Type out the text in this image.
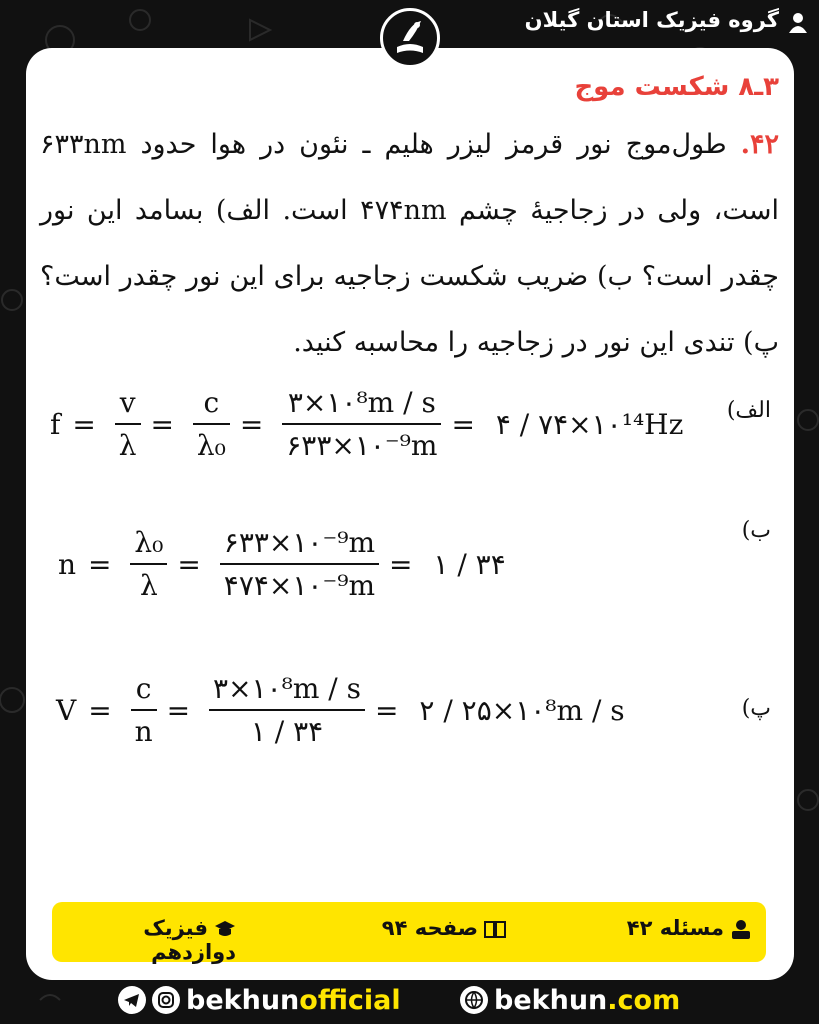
گروه فیزیک استان گیلان
۳ـ۸ شکست موج
۴۲. طول‌موج نور قرمز لیزر هلیم ـ نئون در هوا حدود ۶۳۳nm است، ولی در زجاجیهٔ چشم ۴۷۴nm است. الف) بسامد این نور چقدر است؟ ب) ضریب شکست زجاجیه برای این نور چقدر است؟ پ) تندی این نور در زجاجیه را محاسبه کنید.
الف)
$f = \frac{v}{\lambda} = \frac{c}{\text{λ₀}} = \frac{\text{۳×۱۰⁸m / s}}{\text{۶۳۳×۱۰⁻⁹m}}$ = ۴ / ۷۴×۱۰¹⁴Hz
ب)
$n = \frac{\text{λ₀}}{\lambda} = \frac{\text{۶۳۳×۱۰⁻⁹m}}{\text{۴۷۴×۱۰⁻⁹m}}$ = ۱ / ۳۴
پ)
$V = \frac{c}{n} = \frac{\text{۳×۱۰⁸m / s}}{۱ / ۳۴}$ = ۲ / ۲۵×۱۰⁸m / s
مسئله ۴۲
صفحه ۹۴
فیزیک دوازدهم
bekhunofficial	bekhun.com
